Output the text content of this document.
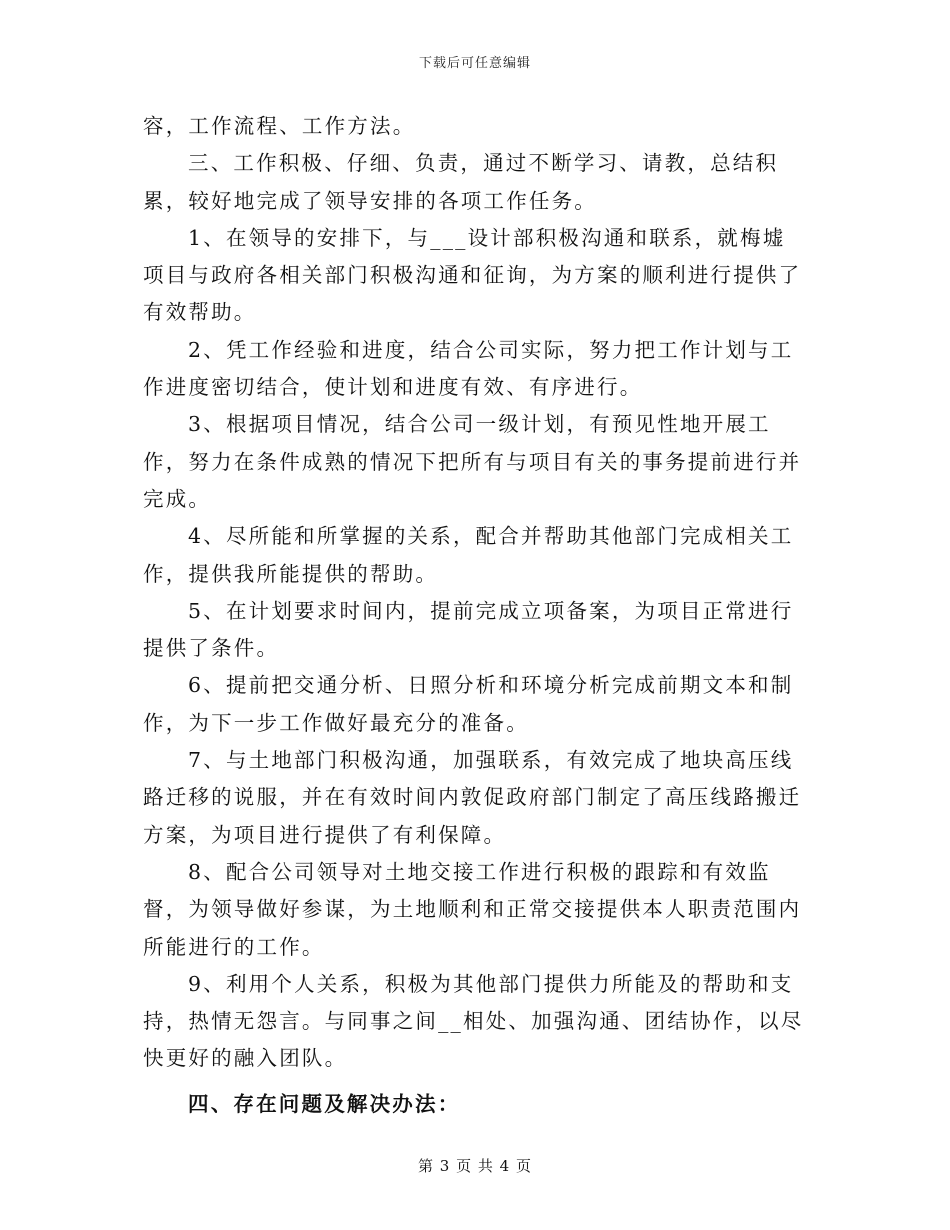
下载后可任意编辑

容，工作流程、工作方法。

三、工作积极、仔细、负责，通过不断学习、请教，总结积累，较好地完成了领导安排的各项工作任务。

1、在领导的安排下，与___设计部积极沟通和联系，就梅墟项目与政府各相关部门积极沟通和征询，为方案的顺利进行提供了有效帮助。

2、凭工作经验和进度，结合公司实际，努力把工作计划与工作进度密切结合，使计划和进度有效、有序进行。

3、根据项目情况，结合公司一级计划，有预见性地开展工作，努力在条件成熟的情况下把所有与项目有关的事务提前进行并完成。

4、尽所能和所掌握的关系，配合并帮助其他部门完成相关工作，提供我所能提供的帮助。

5、在计划要求时间内，提前完成立项备案，为项目正常进行提供了条件。

6、提前把交通分析、日照分析和环境分析完成前期文本和制作，为下一步工作做好最充分的准备。

7、与土地部门积极沟通，加强联系，有效完成了地块高压线路迁移的说服，并在有效时间内敦促政府部门制定了高压线路搬迁方案，为项目进行提供了有利保障。

8、配合公司领导对土地交接工作进行积极的跟踪和有效监督，为领导做好参谋，为土地顺利和正常交接提供本人职责范围内所能进行的工作。

9、利用个人关系，积极为其他部门提供力所能及的帮助和支持，热情无怨言。与同事之间__相处、加强沟通、团结协作，以尽快更好的融入团队。

四、存在问题及解决办法：

第 3 页 共 4 页
